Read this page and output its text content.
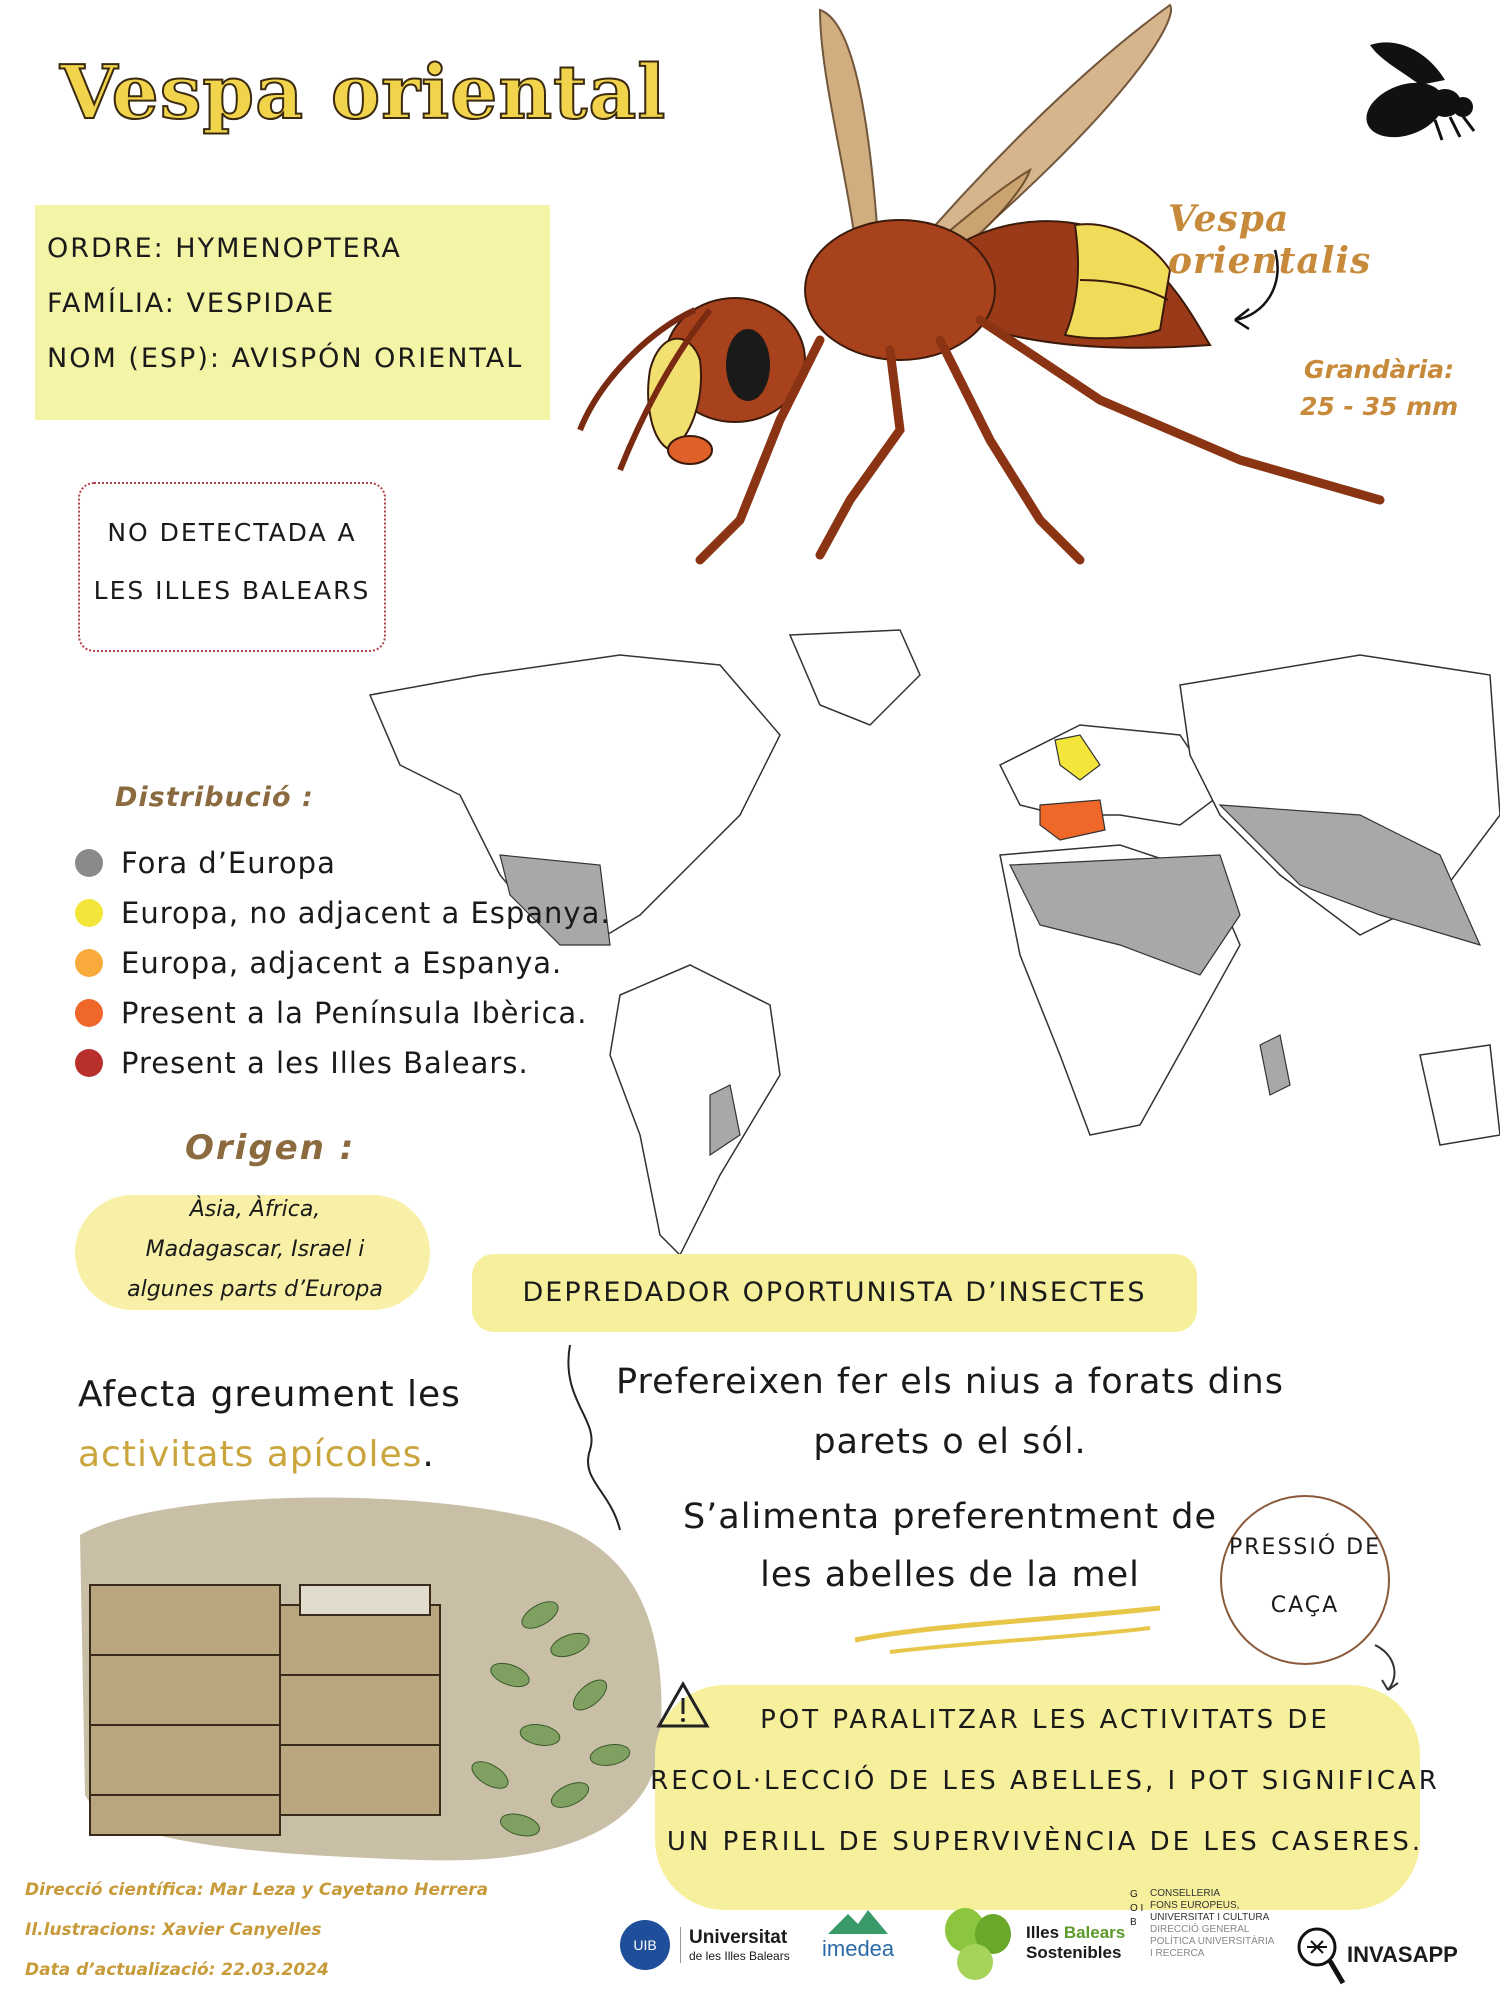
Vespa oriental
ORDRE: HYMENOPTERA
FAMÍLIA: VESPIDAE
NOM (ESP): AVISPÓN ORIENTAL
Vespa orientalis
Grandària:
25 - 35 mm
NO DETECTADA A
LES ILLES BALEARS
Distribució :
Fora d’Europa
Europa, no adjacent a Espanya.
Europa, adjacent a Espanya.
Present a la Península Ibèrica.
Present a les Illes Balears.
Origen :
Àsia, Àfrica,
Madagascar, Israel i
algunes parts d’Europa	DEPREDADOR OPORTUNISTA D’INSECTES
Afecta greument les
activitats apícoles.
Prefereixen fer els nius a forats dins
parets o el sól.
S’alimenta preferentment de
les abelles de la mel
PRESSIÓ DE
CAÇA
POT PARALITZAR LES ACTIVITATS DE
RECOL·LECCIÓ DE LES ABELLES, I POT SIGNIFICAR
UN PERILL DE SUPERVIVÈNCIA DE LES CASERES.
Direcció científica: Mar Leza y Cayetano Herrera
Il.lustracions: Xavier Canyelles
Data d’actualizació: 22.03.2024
UIB	Universitat
de les Illes Balears imedea
Illes Balears
Sostenibles
G O I B
CONSELLERIA
FONS EUROPEUS,
UNIVERSITAT I CULTURA
DIRECCIÓ GENERAL
POLÍTICA UNIVERSITÀRIA
I RECERCA	INVASAPP
